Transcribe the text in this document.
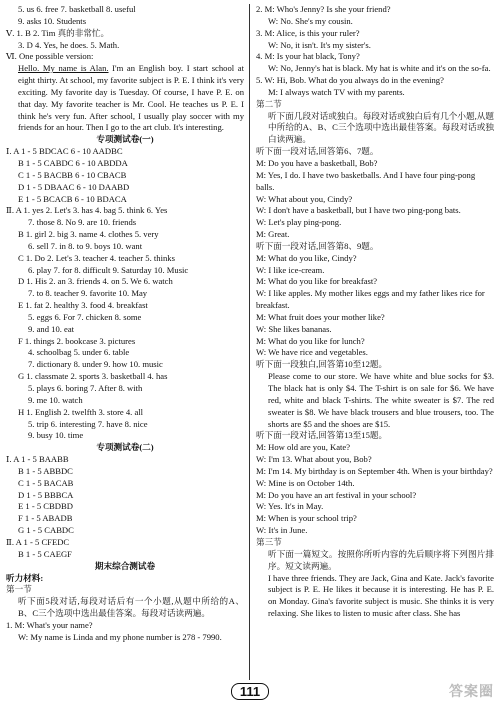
5. us 6. free 7. basketball 8. useful
9. asks 10. Students
Ⅴ. 1. B 2. Tim 真的非常忙。
3. D 4. Yes, he does. 5. Math.
Ⅵ. One possible version:
Hello. My name is Alan. I'm an English boy. I start school at eight thirty. At school, my favorite subject is P. E. I think it's very exciting. My favorite day is Tuesday. Of course, I have P. E. on that day. My favorite teacher is Mr. Cool. He teaches us P. E. I think he's very fun. After school, I usually play soccer with my friends for an hour. Then I go to the art club. It's interesting.
专项测试卷(一)
Ⅰ. A 1 - 5 BDCAC 6 - 10 AADBC
B 1 - 5 CABDC 6 - 10 ABDDA
C 1 - 5 BACBB 6 - 10 CBACB
D 1 - 5 DBAAC 6 - 10 DAABD
E 1 - 5 BCACB 6 - 10 BDACA
Ⅱ. A 1. yes 2. Let's 3. has 4. bag 5. think 6. Yes
7. those 8. No 9. are 10. friends
B 1. girl 2. big 3. name 4. clothes 5. very
6. sell 7. in 8. to 9. boys 10. want
C 1. Do 2. Let's 3. teacher 4. teacher 5. thinks
6. play 7. for 8. difficult 9. Saturday 10. Music
D 1. His 2. an 3. friends 4. on 5. We 6. watch
7. to 8. teacher 9. favorite 10. May
E 1. fat 2. healthy 3. food 4. breakfast
5. eggs 6. For 7. chicken 8. some
9. and 10. eat
F 1. things 2. bookcase 3. pictures
4. schoolbag 5. under 6. table
7. dictionary 8. under 9. how 10. music
G 1. classmate 2. sports 3. basketball 4. has
5. plays 6. boring 7. After 8. with
9. me 10. watch
H 1. English 2. twelfth 3. store 4. all
5. trip 6. interesting 7. have 8. nice
9. busy 10. time
专项测试卷(二)
Ⅰ. A 1 - 5 BAABB
B 1 - 5 ABBDC
C 1 - 5 BACAB
D 1 - 5 BBBCA
E 1 - 5 CBDBD
F 1 - 5 ABADB
G 1 - 5 CABDC
Ⅱ. A 1 - 5 CFEDC
B 1 - 5 CAEGF
期末综合测试卷
听力材料:
第一节
听下面5段对话,每段对话后有一个小题,从题中所给的A、B、C三个选项中选出最佳答案。每段对话读两遍。
1. M: What's your name?
W: My name is Linda and my phone number is 278 - 7990.
2. M: Who's Jenny? Is she your friend?
W: No. She's my cousin.
3. M: Alice, is this your ruler?
W: No, it isn't. It's my sister's.
4. M: Is your hat black, Tony?
W: No, Jenny's hat is black. My hat is white and it's on the so-fa.
5. W: Hi, Bob. What do you always do in the evening?
M: I always watch TV with my parents.
第二节
听下面几段对话或独白。每段对话或独白后有几个小题,从题中所给的A、B、C三个选项中选出最佳答案。每段对话或独白读两遍。
听下面一段对话,回答第6、7题。
M: Do you have a basketball, Bob?
M: Yes, I do. I have two basketballs. And I have four ping-pong balls.
W: What about you, Cindy?
W: I don't have a basketball, but I have two ping-pong bats.
W: Let's play ping-pong.
M: Great.
听下面一段对话,回答第8、9题。
M: What do you like, Cindy?
W: I like ice-cream.
M: What do you like for breakfast?
W: I like apples. My mother likes eggs and my father likes rice for breakfast.
M: What fruit does your mother like?
W: She likes bananas.
M: What do you like for lunch?
W: We have rice and vegetables.
听下面一段独白,回答第10至12题。
Please come to our store. We have white and blue socks for $3. The black hat is only $4. The T-shirt is on sale for $6. We have red, white and black T-shirts. The white sweater is $7. The red sweater is $8. We have black trousers and blue trousers, too. The shorts are $5 and the shoes are $15.
听下面一段对话,回答第13至15题。
M: How old are you, Kate?
W: I'm 13. What about you, Bob?
M: I'm 14. My birthday is on September 4th. When is your birthday?
W: Mine is on October 14th.
M: Do you have an art festival in your school?
W: Yes. It's in May.
M: When is your school trip?
W: It's in June.
第三节
听下面一篇短文。按照你所听内容的先后顺序将下列图片排序。短文读两遍。
I have three friends. They are Jack, Gina and Kate. Jack's favorite subject is P. E. He likes it because it is interesting. He has P. E. on Monday. Gina's favorite subject is music. She thinks it is very relaxing. She likes to listen to music after class. She has
111	答案圈
